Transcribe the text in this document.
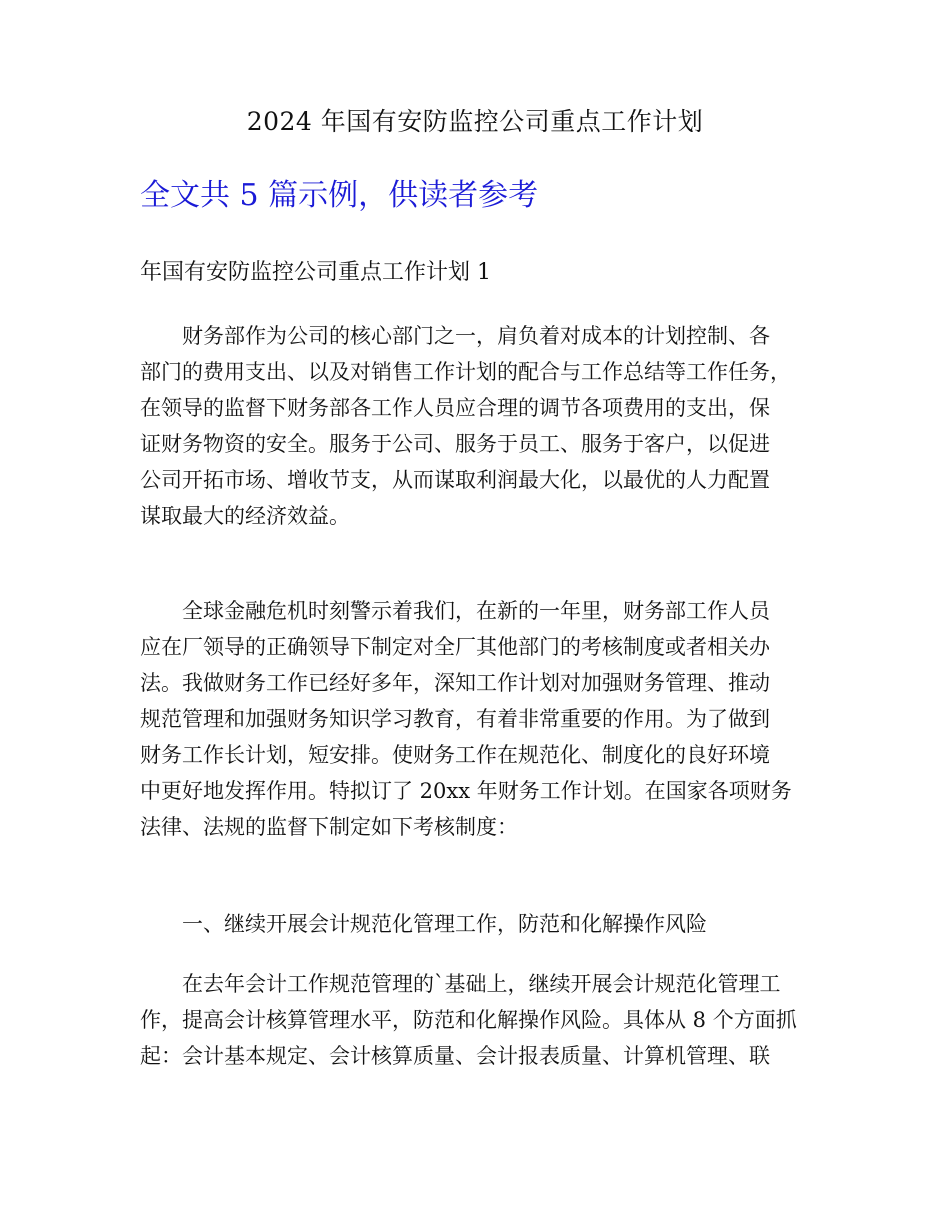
2024 年国有安防监控公司重点工作计划
全文共 5 篇示例，供读者参考
年国有安防监控公司重点工作计划 1
　　财务部作为公司的核心部门之一，肩负着对成本的计划控制、各
部门的费用支出、以及对销售工作计划的配合与工作总结等工作任务，
在领导的监督下财务部各工作人员应合理的调节各项费用的支出，保
证财务物资的安全。服务于公司、服务于员工、服务于客户，以促进
公司开拓市场、增收节支，从而谋取利润最大化，以最优的人力配置
谋取最大的经济效益。
　　全球金融危机时刻警示着我们，在新的一年里，财务部工作人员
应在厂领导的正确领导下制定对全厂其他部门的考核制度或者相关办
法。我做财务工作已经好多年，深知工作计划对加强财务管理、推动
规范管理和加强财务知识学习教育，有着非常重要的作用。为了做到
财务工作长计划，短安排。使财务工作在规范化、制度化的良好环境
中更好地发挥作用。特拟订了 20xx 年财务工作计划。在国家各项财务
法律、法规的监督下制定如下考核制度：
　　一、继续开展会计规范化管理工作，防范和化解操作风险
　　在去年会计工作规范管理的`基础上，继续开展会计规范化管理工
作，提高会计核算管理水平，防范和化解操作风险。具体从 8 个方面抓
起：会计基本规定、会计核算质量、会计报表质量、计算机管理、联
